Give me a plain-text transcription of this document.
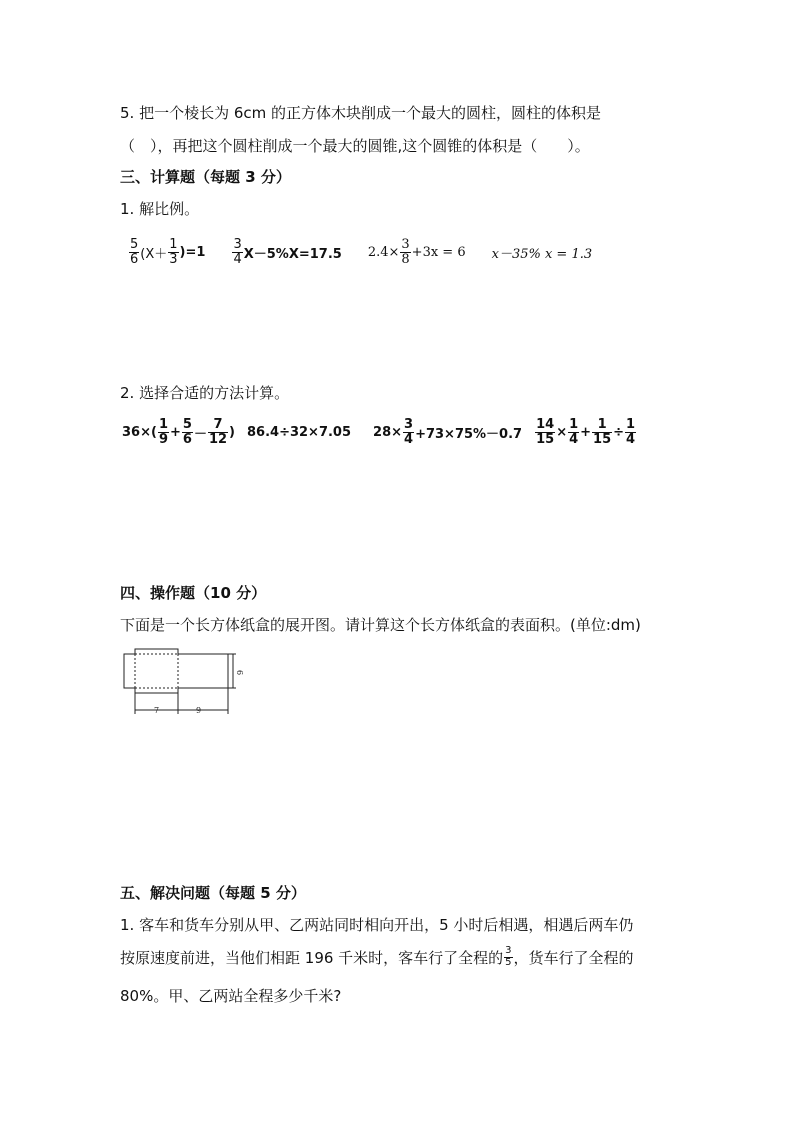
5. 把一个棱长为 6cm 的正方体木块削成一个最大的圆柱，圆柱的体积是
（　），再把这个圆柱削成一个最大的圆锥,这个圆锥的体积是（　　）。
三、计算题（每题 3 分）
1. 解比例。
$\frac{5}{6} (X+ \frac{1}{3} )=1 \frac{3}{4} X-5\%X=17.5$ $2.4\times \frac{3}{8} +3x = 6$ x－35% x = 1.3
2. 选择合适的方法计算。
$36\times( \frac{1}{9} + \frac{5}{6} - \frac{7}{12}$ ) 86.4÷32×7.05 $28\times \frac{3}{4} +73\times 75\%-0.7 \frac{14}{15} \times \frac{1}{4} + \frac{1}{15} \div \frac{1}{4}$
四、操作题（10 分）
下面是一个长方体纸盒的展开图。请计算这个长方体纸盒的表面积。(单位:dm)
7	9
6
五、解决问题（每题 5 分）
1. 客车和货车分别从甲、乙两站同时相向开出，5 小时后相遇，相遇后两车仍
按原速度前进，当他们相距 196 千米时，客车行了全程的 $\frac{3}{5}$ ，货车行了全程的
80%。甲、乙两站全程多少千米?
